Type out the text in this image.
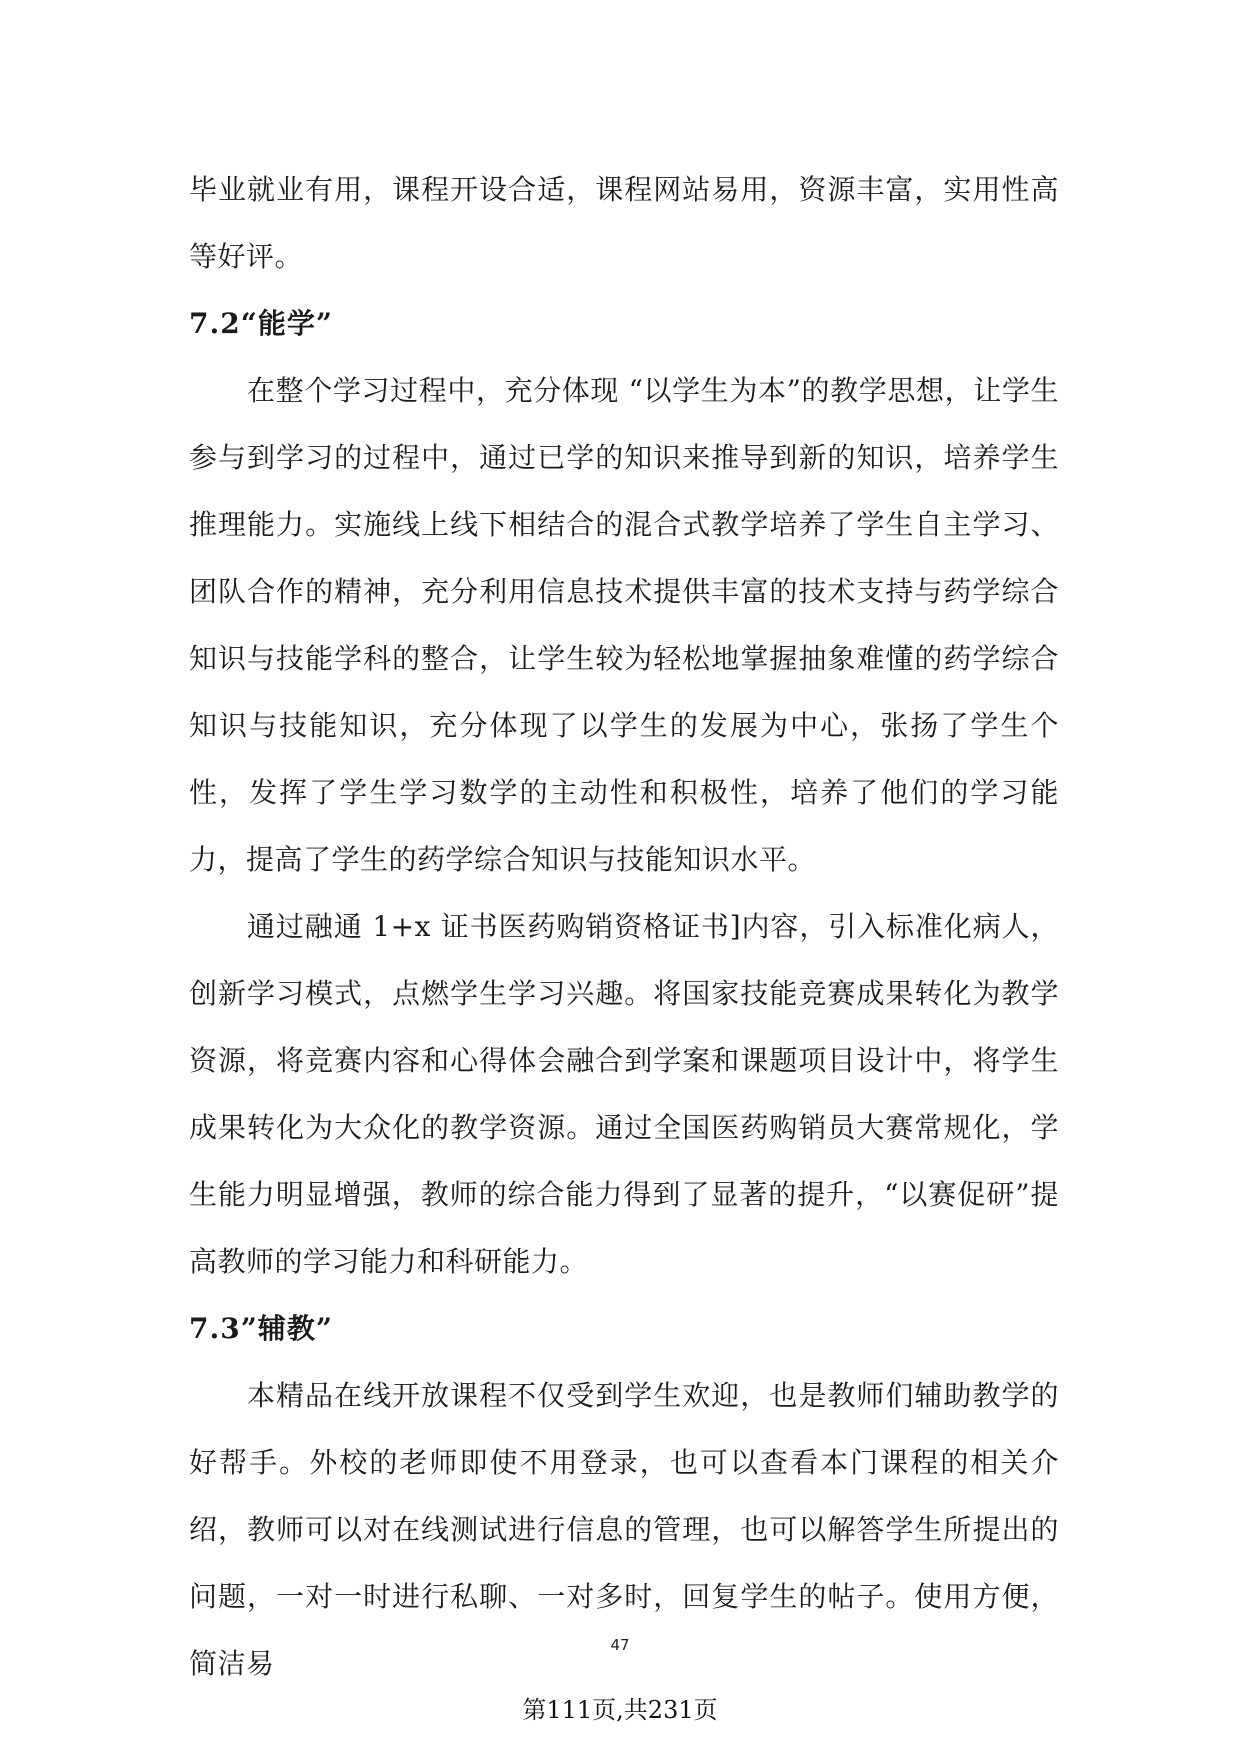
毕业就业有用，课程开设合适，课程网站易用，资源丰富，实用性高等好评。

7.2“能学”

在整个学习过程中，充分体现 “以学生为本”的教学思想，让学生参与到学习的过程中，通过已学的知识来推导到新的知识，培养学生推理能力。实施线上线下相结合的混合式教学培养了学生自主学习、团队合作的精神，充分利用信息技术提供丰富的技术支持与药学综合知识与技能学科的整合，让学生较为轻松地掌握抽象难懂的药学综合知识与技能知识，充分体现了以学生的发展为中心，张扬了学生个性，发挥了学生学习数学的主动性和积极性，培养了他们的学习能力，提高了学生的药学综合知识与技能知识水平。

通过融通 1+x 证书医药购销资格证书]内容，引入标准化病人，创新学习模式，点燃学生学习兴趣。将国家技能竞赛成果转化为教学资源，将竞赛内容和心得体会融合到学案和课题项目设计中，将学生成果转化为大众化的教学资源。通过全国医药购销员大赛常规化，学生能力明显增强，教师的综合能力得到了显著的提升，“以赛促研”提高教师的学习能力和科研能力。

7.3”辅教”

本精品在线开放课程不仅受到学生欢迎，也是教师们辅助教学的好帮手。外校的老师即使不用登录，也可以查看本门课程的相关介绍，教师可以对在线测试进行信息的管理，也可以解答学生所提出的问题，一对一时进行私聊、一对多时，回复学生的帖子。使用方便，简洁易

47
第111页,共231页
